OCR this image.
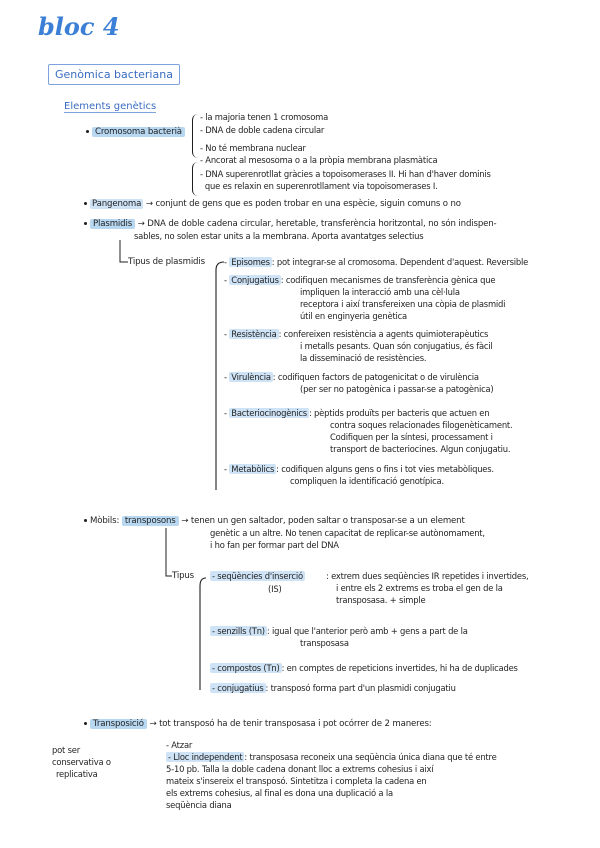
bloc 4
Genòmica bacteriana
Elements genètics
Cromosoma bacterià
- la majoria tenen 1 cromosoma
- DNA de doble cadena circular
- No té membrana nuclear
- Ancorat al mesosoma o a la pròpia membrana plasmàtica
- DNA superenrotllat gràcies a topoisomerases II. Hi han d'haver dominis
que es relaxin en superenrotllament via topoisomerases I.
Pangenoma → conjunt de gens que es poden trobar en una espècie, siguin comuns o no
Plasmidis → DNA de doble cadena circular, heretable, transferència horitzontal, no són indispen-
sables, no solen estar units a la membrana. Aporta avantatges selectius
Tipus de plasmidis - Episomes : pot integrar-se al cromosoma. Dependent d'aquest. Reversible
- Conjugatius : codifiquen mecanismes de transferència gènica que
impliquen la interacció amb una cèl·lula
receptora i així transfereixen una còpia de plasmidi
útil en enginyeria genètica
- Resistència : confereixen resistència a agents quimioterapèutics
i metalls pesants. Quan són conjugatius, és fàcil
la disseminació de resistències.
- Virulència : codifiquen factors de patogenicitat o de virulència
(per ser no patogènica i passar-se a patogènica)
- Bacteriocinogènics : pèptids produïts per bacteris que actuen en
contra soques relacionades filogenèticament.
Codifiquen per la síntesi, processament i
transport de bacteriocines. Algun conjugatiu.
- Metabòlics : codifiquen alguns gens o fins i tot vies metabòliques.
compliquen la identificació genotípica.
Mòbils: transposons → tenen un gen saltador, poden saltar o transposar-se a un element
genètic a un altre. No tenen capacitat de replicar-se autònomament,
i ho fan per formar part del DNA
Tipus - seqüències d'inserció
(IS)
: extrem dues seqüències IR repetides i invertides,
i entre els 2 extrems es troba el gen de la
transposasa. + simple
- senzills (Tn) : igual que l'anterior però amb + gens a part de la
transposasa
- compostos (Tn) : en comptes de repeticions invertides, hi ha de duplicades
- conjugatius : transposó forma part d'un plasmidi conjugatiu
Transposició → tot transposó ha de tenir transposasa i pot ocórrer de 2 maneres:
pot ser
conservativa o
replicativa
- Atzar
- Lloc independent : transposasa reconeix una seqüència única diana que té entre
5-10 pb. Talla la doble cadena donant lloc a extrems cohesius i així
mateix s'insereix el transposó. Sintetitza i completa la cadena en
els extrems cohesius, al final es dona una duplicació a la
seqüència diana
